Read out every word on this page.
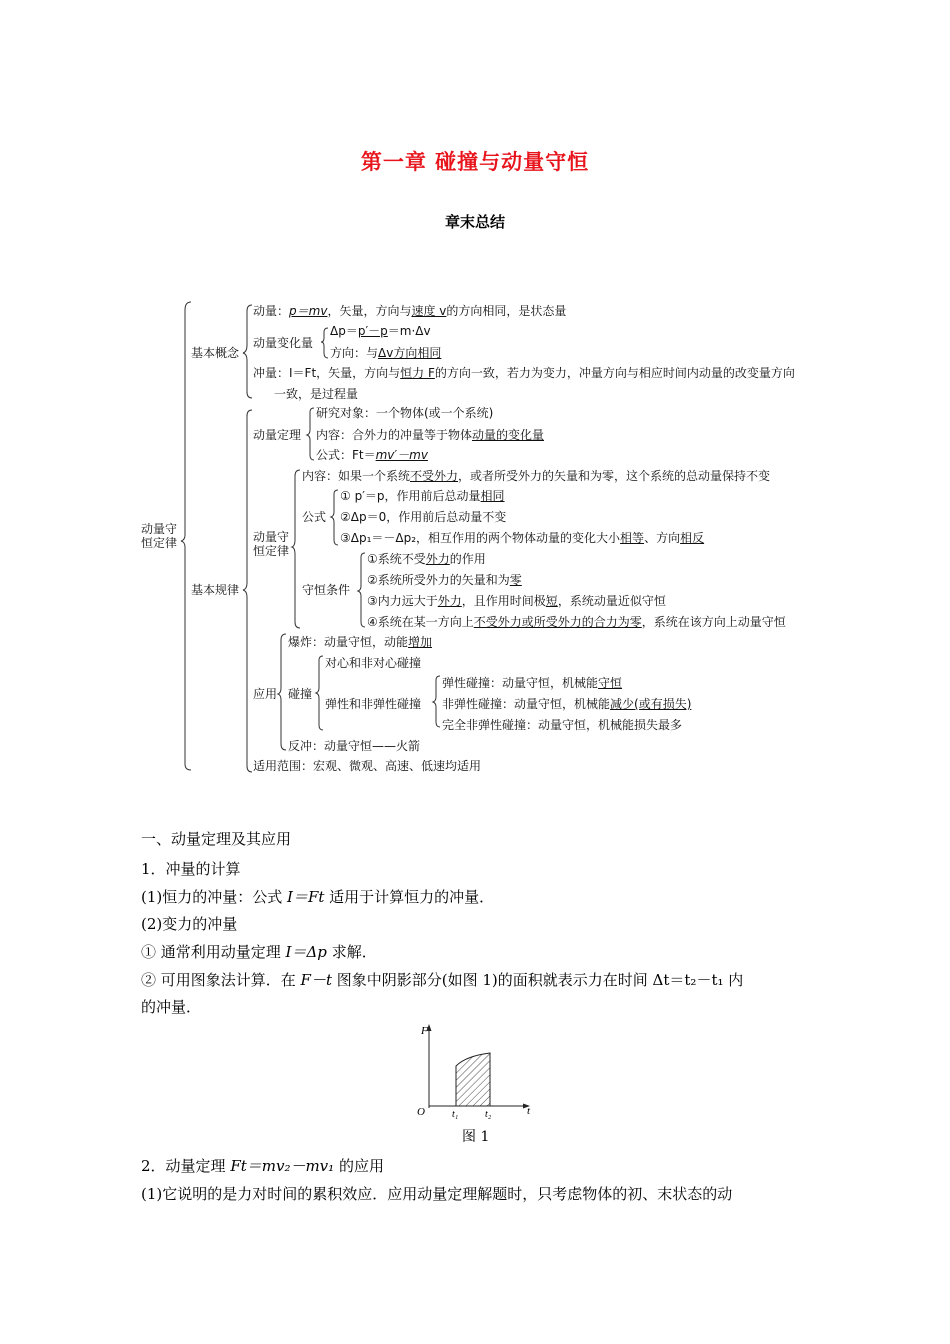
第一章 碰撞与动量守恒
章末总结
动量守
恒定律
基本概念
动量：p＝mv，矢量，方向与速度 v的方向相同，是状态量
动量变化量
Δp＝p′－p＝m·Δv
方向：与Δv方向相同
冲量：I＝Ft，矢量，方向与恒力 F的方向一致，若力为变力，冲量方向与相应时间内动量的改变量方向
一致，是过程量
基本规律
动量定理
研究对象：一个物体(或一个系统)
内容：合外力的冲量等于物体动量的变化量
公式：Ft＝mv′－mv
动量守
恒定律
内容：如果一个系统不受外力，或者所受外力的矢量和为零，这个系统的总动量保持不变
公式
① p′＝p，作用前后总动量相同
②Δp＝0，作用前后总动量不变
③Δp₁＝－Δp₂，相互作用的两个物体动量的变化大小相等、方向相反
守恒条件
①系统不受外力的作用
②系统所受外力的矢量和为零
③内力远大于外力，且作用时间极短，系统动量近似守恒
④系统在某一方向上不受外力或所受外力的合力为零，系统在该方向上动量守恒
应用
爆炸：动量守恒，动能增加
碰撞
对心和非对心碰撞
弹性和非弹性碰撞
弹性碰撞：动量守恒，机械能守恒
非弹性碰撞：动量守恒，机械能减少(或有损失)
完全非弹性碰撞：动量守恒，机械能损失最多
反冲：动量守恒——火箭
适用范围：宏观、微观、高速、低速均适用
一、动量定理及其应用
1．冲量的计算
(1)恒力的冲量：公式 I＝Ft 适用于计算恒力的冲量．
(2)变力的冲量
① 通常利用动量定理 I＝Δp 求解．
② 可用图象法计算．在 F－t 图象中阴影部分(如图 1)的面积就表示力在时间 Δt＝t₂－t₁ 内
的冲量．
F
t
O	t₁	t₂
图 1
2．动量定理 Ft＝mv₂－mv₁ 的应用
(1)它说明的是力对时间的累积效应．应用动量定理解题时，只考虑物体的初、末状态的动
